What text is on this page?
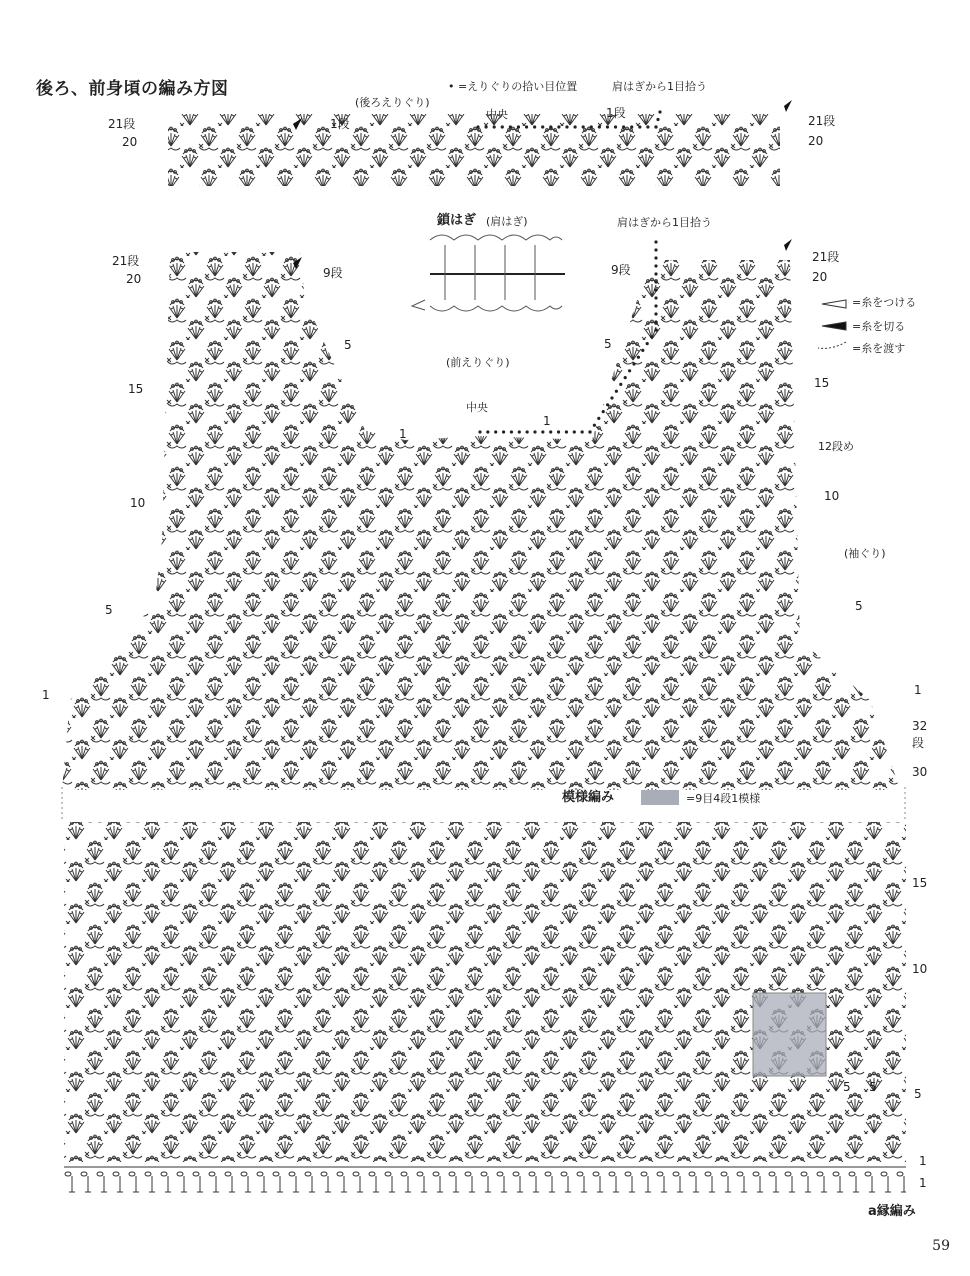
後ろ、前身頃の編み方図	• =えりぐりの拾い目位置	肩はぎから1目拾う
(後ろえりぐり)
中央
21段
20
1段
1段
21段
20
鎖はぎ (肩はぎ)	肩はぎから1目拾う
21段
20	9段	9段
21段
20
=糸をつける
=糸を切る
=糸を渡す
5	5
(前えりぐり)
15	15
中央
1
1
12段め
10	10
(袖ぐり)
5	5
1	1
32
段
30
模様編み	=9目4段1模様
15
10
5 5	5
1
1
a縁編み
59
